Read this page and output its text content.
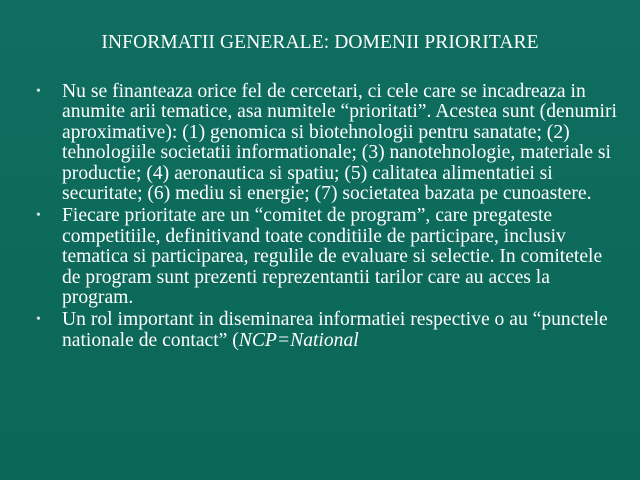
INFORMATII GENERALE: DOMENII PRIORITARE
• Nu se finanteaza orice fel de cercetari, ci cele care se incadreaza in anumite arii tematice, asa numitele “prioritati”. Acestea sunt (denumiri aproximative): (1) genomica si biotehnologii pentru sanatate; (2) tehnologiile societatii informationale; (3) nanotehnologie, materiale si productie; (4) aeronautica si spatiu; (5) calitatea alimentatiei si securitate; (6) mediu si energie; (7) societatea bazata pe cunoastere.
• Fiecare prioritate are un “comitet de program”, care pregateste competitiile, definitivand toate conditiile de participare, inclusiv tematica si participarea, regulile de evaluare si selectie. In comitetele de program sunt prezenti reprezentantii tarilor care au acces la program.
• Un rol important in diseminarea informatiei respective o au “punctele nationale de contact” (NCP=National
